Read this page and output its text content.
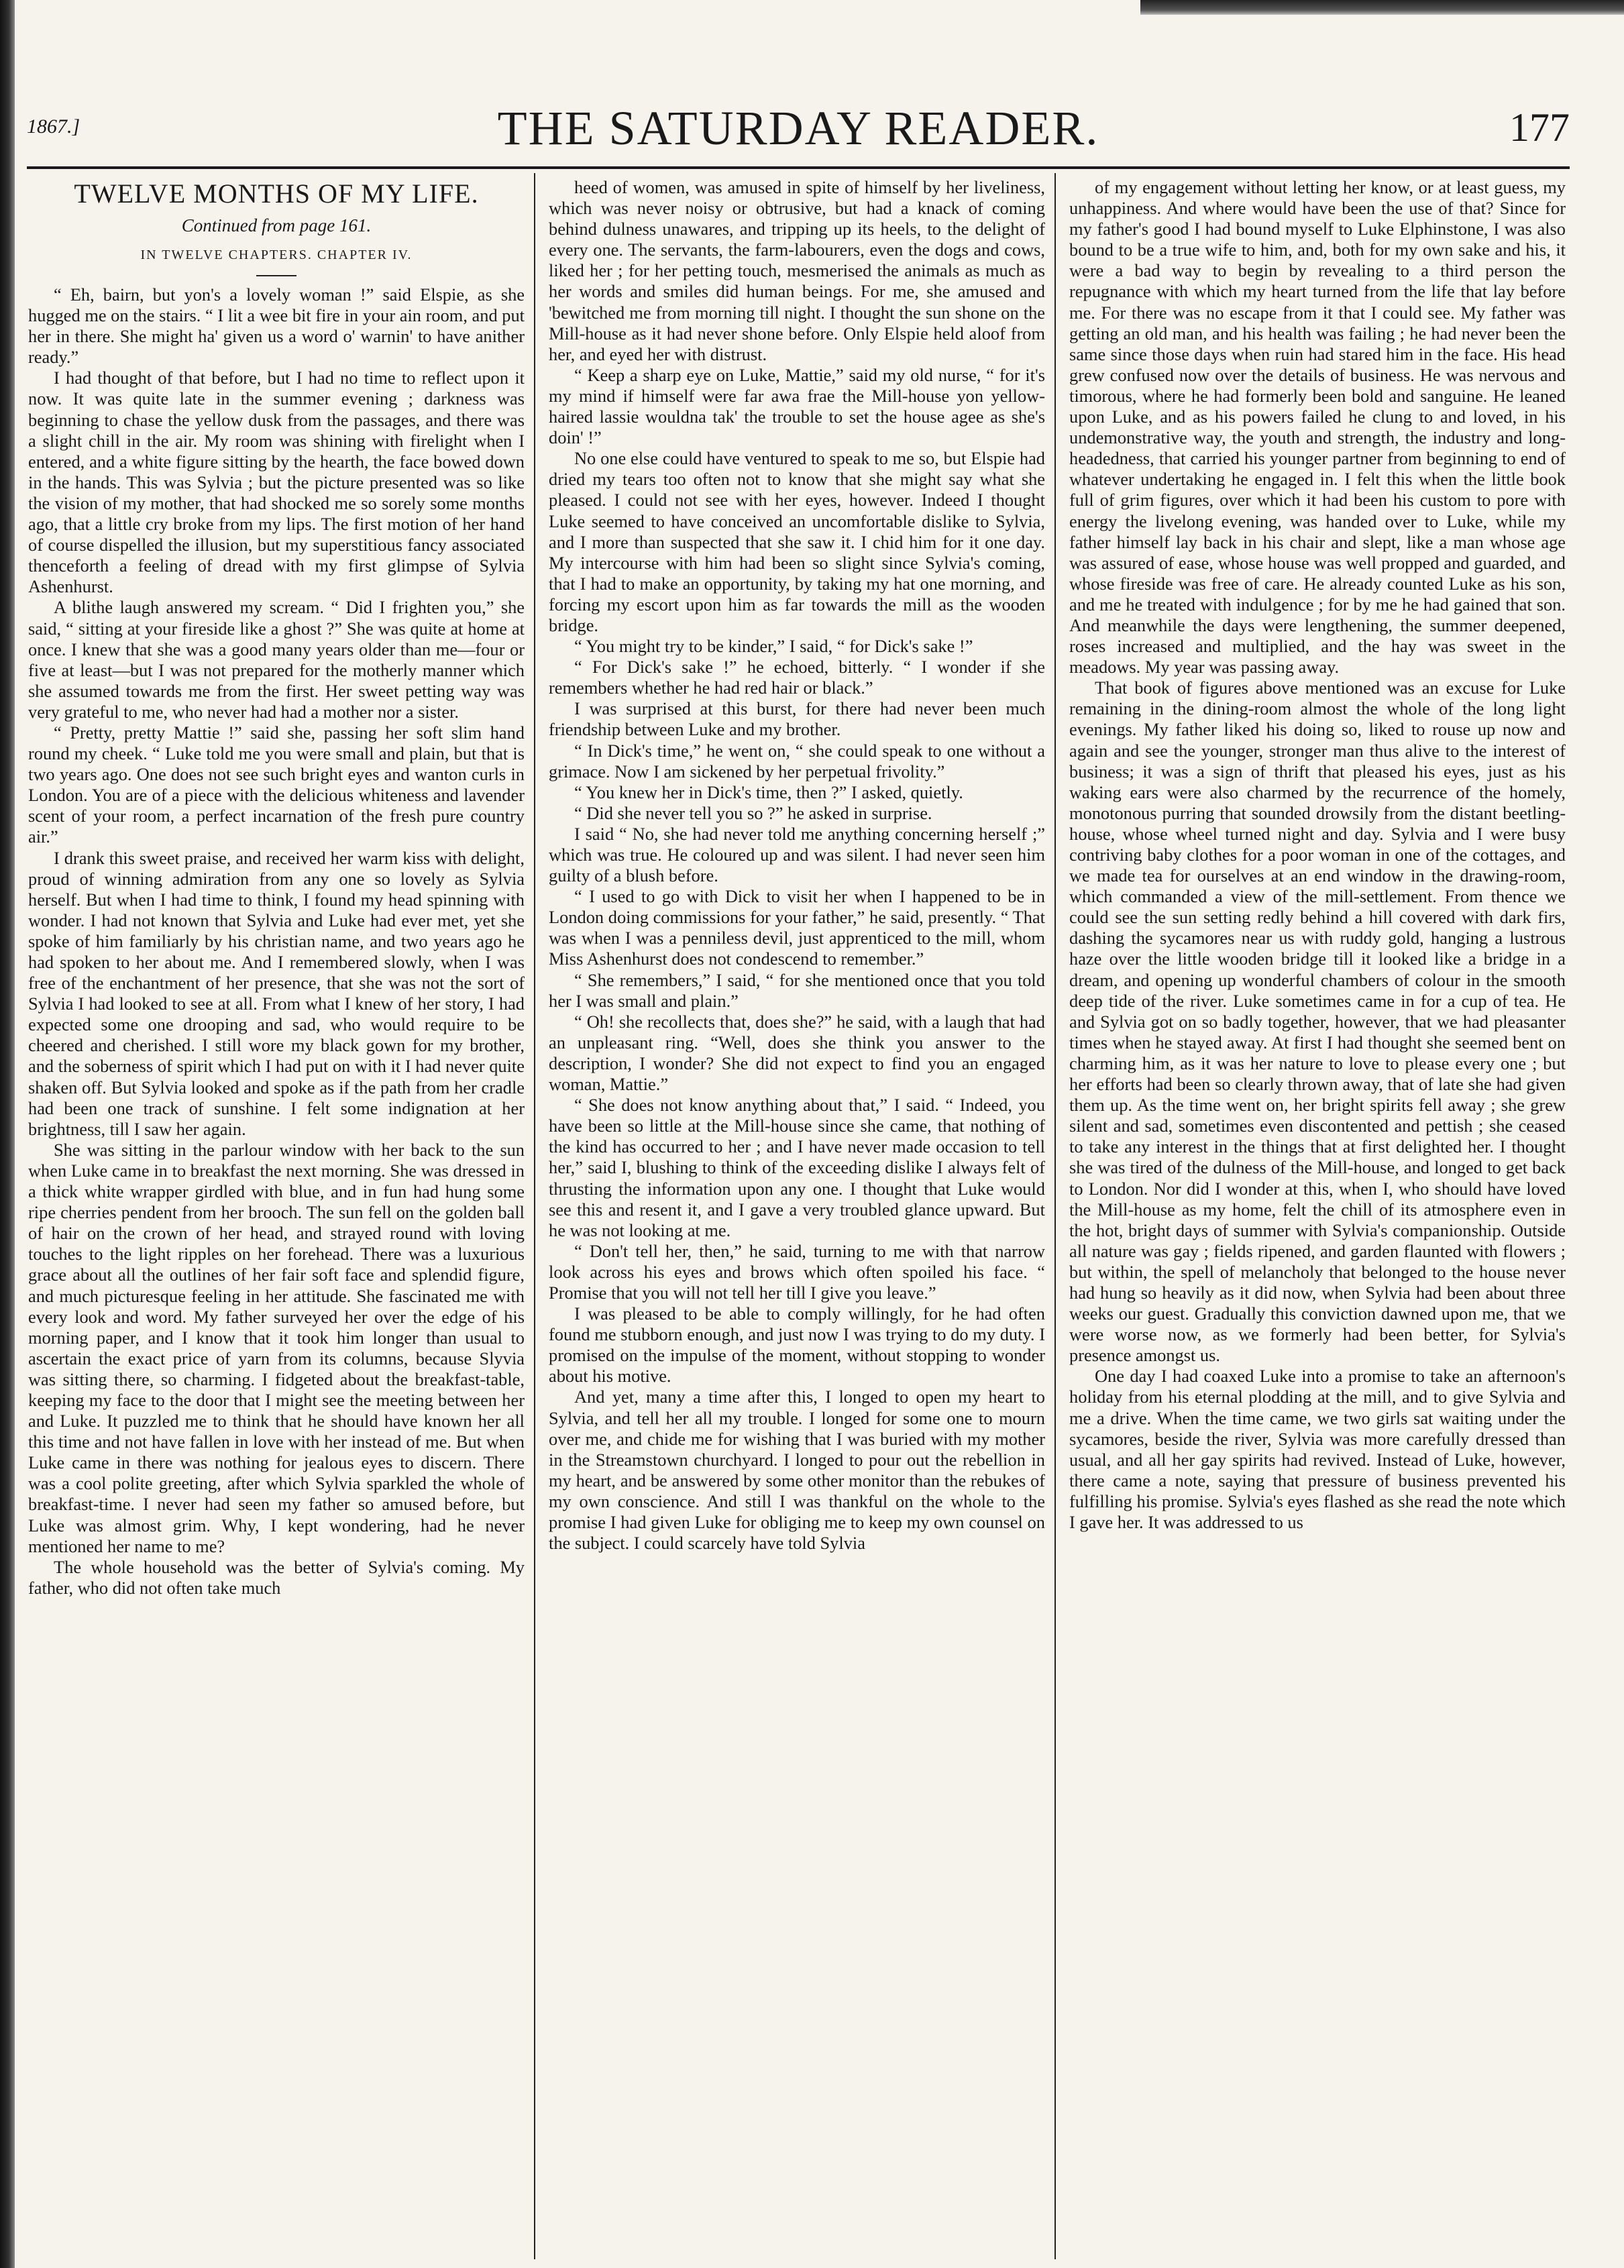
1867.]	THE SATURDAY READER.	177
TWELVE MONTHS OF MY LIFE.
Continued from page 161.
IN TWELVE CHAPTERS. CHAPTER IV.

“ Eh, bairn, but yon's a lovely woman !” said Elspie, as she hugged me on the stairs. “ I lit a wee bit fire in your ain room, and put her in there. She might ha' given us a word o' warnin' to have anither ready.”

I had thought of that before, but I had no time to reflect upon it now. It was quite late in the summer evening ; darkness was beginning to chase the yellow dusk from the passages, and there was a slight chill in the air. My room was shining with firelight when I entered, and a white figure sitting by the hearth, the face bowed down in the hands. This was Sylvia ; but the picture presented was so like the vision of my mother, that had shocked me so sorely some months ago, that a little cry broke from my lips. The first motion of her hand of course dispelled the illusion, but my superstitious fancy associated thenceforth a feeling of dread with my first glimpse of Sylvia Ashenhurst.

A blithe laugh answered my scream. “ Did I frighten you,” she said, “ sitting at your fireside like a ghost ?” She was quite at home at once. I knew that she was a good many years older than me—four or five at least—but I was not prepared for the motherly manner which she assumed towards me from the first. Her sweet petting way was very grateful to me, who never had had a mother nor a sister.

“ Pretty, pretty Mattie !” said she, passing her soft slim hand round my cheek. “ Luke told me you were small and plain, but that is two years ago. One does not see such bright eyes and wanton curls in London. You are of a piece with the delicious whiteness and lavender scent of your room, a perfect incarnation of the fresh pure country air.”

I drank this sweet praise, and received her warm kiss with delight, proud of winning admiration from any one so lovely as Sylvia herself. But when I had time to think, I found my head spinning with wonder. I had not known that Sylvia and Luke had ever met, yet she spoke of him familiarly by his christian name, and two years ago he had spoken to her about me. And I remembered slowly, when I was free of the enchantment of her presence, that she was not the sort of Sylvia I had looked to see at all. From what I knew of her story, I had expected some one drooping and sad, who would require to be cheered and cherished. I still wore my black gown for my brother, and the soberness of spirit which I had put on with it I had never quite shaken off. But Sylvia looked and spoke as if the path from her cradle had been one track of sunshine. I felt some indignation at her brightness, till I saw her again.

She was sitting in the parlour window with her back to the sun when Luke came in to breakfast the next morning. She was dressed in a thick white wrapper girdled with blue, and in fun had hung some ripe cherries pendent from her brooch. The sun fell on the golden ball of hair on the crown of her head, and strayed round with loving touches to the light ripples on her forehead. There was a luxurious grace about all the outlines of her fair soft face and splendid figure, and much picturesque feeling in her attitude. She fascinated me with every look and word. My father surveyed her over the edge of his morning paper, and I know that it took him longer than usual to ascertain the exact price of yarn from its columns, because Slyvia was sitting there, so charming. I fidgeted about the breakfast-table, keeping my face to the door that I might see the meeting between her and Luke. It puzzled me to think that he should have known her all this time and not have fallen in love with her instead of me. But when Luke came in there was nothing for jealous eyes to discern. There was a cool polite greeting, after which Sylvia sparkled the whole of breakfast-time. I never had seen my father so amused before, but Luke was almost grim. Why, I kept wondering, had he never mentioned her name to me?

The whole household was the better of Sylvia's coming. My father, who did not often take much

heed of women, was amused in spite of himself by her liveliness, which was never noisy or obtrusive, but had a knack of coming behind dulness unawares, and tripping up its heels, to the delight of every one. The servants, the farm-labourers, even the dogs and cows, liked her ; for her petting touch, mesmerised the animals as much as her words and smiles did human beings. For me, she amused and 'bewitched me from morning till night. I thought the sun shone on the Mill-house as it had never shone before. Only Elspie held aloof from her, and eyed her with distrust.

“ Keep a sharp eye on Luke, Mattie,” said my old nurse, “ for it's my mind if himself were far awa frae the Mill-house yon yellow-haired lassie wouldna tak' the trouble to set the house agee as she's doin' !”

No one else could have ventured to speak to me so, but Elspie had dried my tears too often not to know that she might say what she pleased. I could not see with her eyes, however. Indeed I thought Luke seemed to have conceived an uncomfortable dislike to Sylvia, and I more than suspected that she saw it. I chid him for it one day. My intercourse with him had been so slight since Sylvia's coming, that I had to make an opportunity, by taking my hat one morning, and forcing my escort upon him as far towards the mill as the wooden bridge.

“ You might try to be kinder,” I said, “ for Dick's sake !”

“ For Dick's sake !” he echoed, bitterly. “ I wonder if she remembers whether he had red hair or black.”

I was surprised at this burst, for there had never been much friendship between Luke and my brother.

“ In Dick's time,” he went on, “ she could speak to one without a grimace. Now I am sickened by her perpetual frivolity.”

“ You knew her in Dick's time, then ?” I asked, quietly.

“ Did she never tell you so ?” he asked in surprise.

I said “ No, she had never told me anything concerning herself ;” which was true. He coloured up and was silent. I had never seen him guilty of a blush before.

“ I used to go with Dick to visit her when I happened to be in London doing commissions for your father,” he said, presently. “ That was when I was a penniless devil, just apprenticed to the mill, whom Miss Ashenhurst does not condescend to remember.”

“ She remembers,” I said, “ for she mentioned once that you told her I was small and plain.”

“ Oh! she recollects that, does she?” he said, with a laugh that had an unpleasant ring. “Well, does she think you answer to the description, I wonder? She did not expect to find you an engaged woman, Mattie.”

“ She does not know anything about that,” I said. “ Indeed, you have been so little at the Mill-house since she came, that nothing of the kind has occurred to her ; and I have never made occasion to tell her,” said I, blushing to think of the exceeding dislike I always felt of thrusting the information upon any one. I thought that Luke would see this and resent it, and I gave a very troubled glance upward. But he was not looking at me.

“ Don't tell her, then,” he said, turning to me with that narrow look across his eyes and brows which often spoiled his face. “ Promise that you will not tell her till I give you leave.”

I was pleased to be able to comply willingly, for he had often found me stubborn enough, and just now I was trying to do my duty. I promised on the impulse of the moment, without stopping to wonder about his motive.

And yet, many a time after this, I longed to open my heart to Sylvia, and tell her all my trouble. I longed for some one to mourn over me, and chide me for wishing that I was buried with my mother in the Streamstown churchyard. I longed to pour out the rebellion in my heart, and be answered by some other monitor than the rebukes of my own conscience. And still I was thankful on the whole to the promise I had given Luke for obliging me to keep my own counsel on the subject. I could scarcely have told Sylvia

of my engagement without letting her know, or at least guess, my unhappiness. And where would have been the use of that? Since for my father's good I had bound myself to Luke Elphinstone, I was also bound to be a true wife to him, and, both for my own sake and his, it were a bad way to begin by revealing to a third person the repugnance with which my heart turned from the life that lay before me. For there was no escape from it that I could see. My father was getting an old man, and his health was failing ; he had never been the same since those days when ruin had stared him in the face. His head grew confused now over the details of business. He was nervous and timorous, where he had formerly been bold and sanguine. He leaned upon Luke, and as his powers failed he clung to and loved, in his undemonstrative way, the youth and strength, the industry and long-headedness, that carried his younger partner from beginning to end of whatever undertaking he engaged in. I felt this when the little book full of grim figures, over which it had been his custom to pore with energy the livelong evening, was handed over to Luke, while my father himself lay back in his chair and slept, like a man whose age was assured of ease, whose house was well propped and guarded, and whose fireside was free of care. He already counted Luke as his son, and me he treated with indulgence ; for by me he had gained that son. And meanwhile the days were lengthening, the summer deepened, roses increased and multiplied, and the hay was sweet in the meadows. My year was passing away.

That book of figures above mentioned was an excuse for Luke remaining in the dining-room almost the whole of the long light evenings. My father liked his doing so, liked to rouse up now and again and see the younger, stronger man thus alive to the interest of business; it was a sign of thrift that pleased his eyes, just as his waking ears were also charmed by the recurrence of the homely, monotonous purring that sounded drowsily from the distant beetling-house, whose wheel turned night and day. Sylvia and I were busy contriving baby clothes for a poor woman in one of the cottages, and we made tea for ourselves at an end window in the drawing-room, which commanded a view of the mill-settlement. From thence we could see the sun setting redly behind a hill covered with dark firs, dashing the sycamores near us with ruddy gold, hanging a lustrous haze over the little wooden bridge till it looked like a bridge in a dream, and opening up wonderful chambers of colour in the smooth deep tide of the river. Luke sometimes came in for a cup of tea. He and Sylvia got on so badly together, however, that we had pleasanter times when he stayed away. At first I had thought she seemed bent on charming him, as it was her nature to love to please every one ; but her efforts had been so clearly thrown away, that of late she had given them up. As the time went on, her bright spirits fell away ; she grew silent and sad, sometimes even discontented and pettish ; she ceased to take any interest in the things that at first delighted her. I thought she was tired of the dulness of the Mill-house, and longed to get back to London. Nor did I wonder at this, when I, who should have loved the Mill-house as my home, felt the chill of its atmosphere even in the hot, bright days of summer with Sylvia's companionship. Outside all nature was gay ; fields ripened, and garden flaunted with flowers ; but within, the spell of melancholy that belonged to the house never had hung so heavily as it did now, when Sylvia had been about three weeks our guest. Gradually this conviction dawned upon me, that we were worse now, as we formerly had been better, for Sylvia's presence amongst us.

One day I had coaxed Luke into a promise to take an afternoon's holiday from his eternal plodding at the mill, and to give Sylvia and me a drive. When the time came, we two girls sat waiting under the sycamores, beside the river, Sylvia was more carefully dressed than usual, and all her gay spirits had revived. Instead of Luke, however, there came a note, saying that pressure of business prevented his fulfilling his promise. Sylvia's eyes flashed as she read the note which I gave her. It was addressed to us
